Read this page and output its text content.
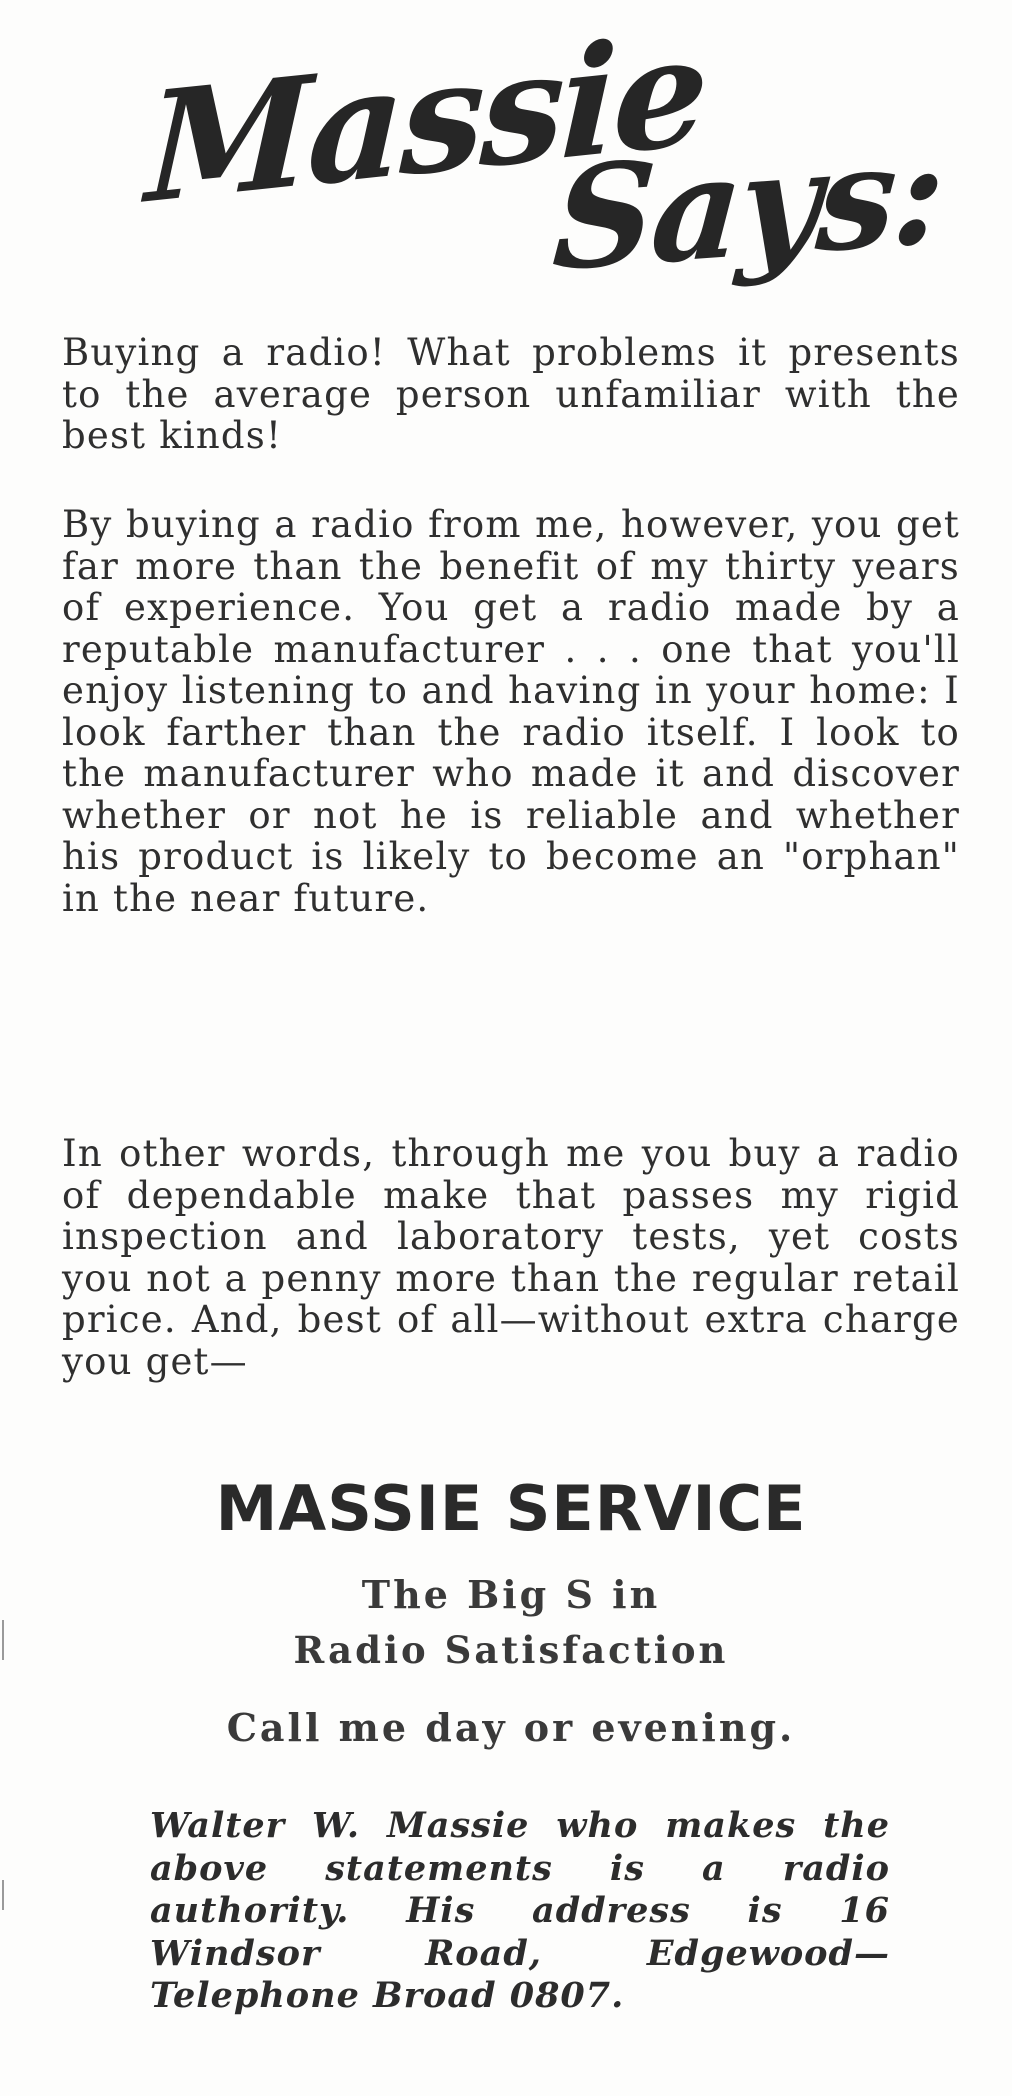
Massie
Says:

Buying a radio! What problems it presents to the average person unfamiliar with the best kinds!

By buying a radio from me, however, you get far more than the benefit of my thirty years of experience. You get a radio made by a reputable manufacturer . . . one that you'll enjoy listening to and having in your home: I look farther than the radio itself. I look to the manufacturer who made it and discover whether or not he is reliable and whether his product is likely to become an "orphan" in the near future.

In other words, through me you buy a radio of dependable make that passes my rigid inspection and laboratory tests, yet costs you not a penny more than the regular retail price. And, best of all—without extra charge you get—

MASSIE SERVICE
The Big S in
Radio Satisfaction
Call me day or evening.

Walter W. Massie who makes the above statements is a radio authority. His address is 16 Windsor Road, Edgewood—Telephone Broad 0807.
